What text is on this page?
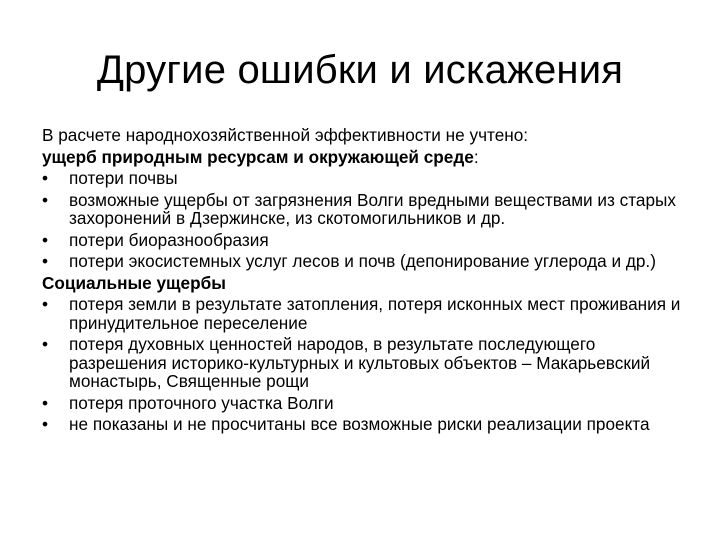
Другие ошибки и искажения
В расчете народнохозяйственной эффективности не учтено:
ущерб природным ресурсам и окружающей среде:
•	потери почвы
•	возможные ущербы от загрязнения Волги вредными веществами из старых захоронений в Дзержинске, из скотомогильников и др.
•	потери биоразнообразия
•	потери экосистемных услуг лесов и почв (депонирование углерода и др.)
Социальные ущербы
•	потеря земли в результате затопления, потеря исконных мест проживания и принудительное переселение
•	потеря духовных ценностей народов, в результате последующего разрешения историко-культурных и культовых объектов – Макарьевский монастырь, Священные рощи
•	потеря проточного участка Волги
•	не показаны и не просчитаны все возможные риски реализации проекта
